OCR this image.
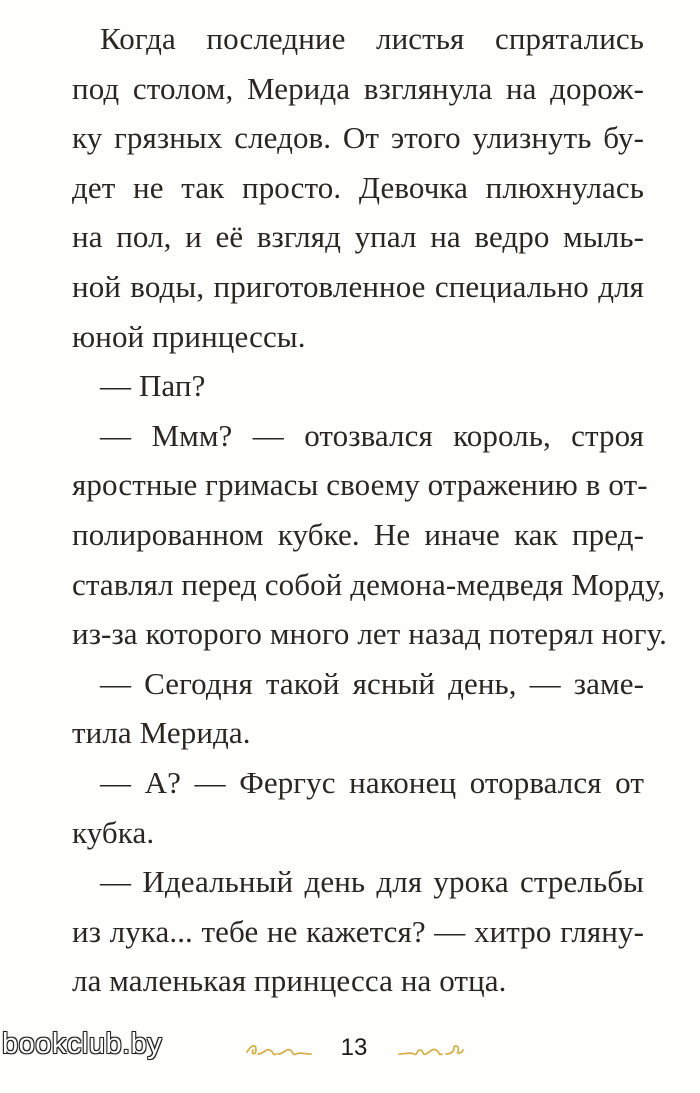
Когда последние листья спрятались
под столом, Мерида взглянула на дорож-
ку грязных следов. От этого улизнуть бу-
дет не так просто. Девочка плюхнулась
на пол, и её взгляд упал на ведро мыль-
ной воды, приготовленное специально для
юной принцессы.
— Пап?
— Ммм? — отозвался король, строя
яростные гримасы своему отражению в от-
полированном кубке. Не иначе как пред-
ставлял перед собой демона-медведя Морду,
из-за которого много лет назад потерял ногу.
— Сегодня такой ясный день, — заме-
тила Мерида.
— А? — Фергус наконец оторвался от
кубка.
— Идеальный день для урока стрельбы
из лука... тебе не кажется? — хитро гляну-
ла маленькая принцесса на отца.
bookclub.by	13
